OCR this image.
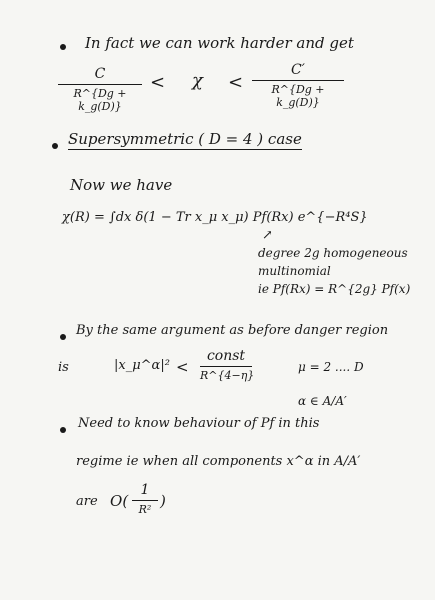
In fact we can work harder and get
C
R^{Dg + k_g(D)}
< χ <
C′
R^{Dg + k_g(D)}
Supersymmetric ( D = 4 ) case
Now we have
χ(R) = ∫dx δ(1 − Tr x_μ x_μ) Pf(Rx) e^{−R⁴S}
↗
degree 2g homogeneous
multinomial
ie Pf(Rx) = R^{2g} Pf(x)
By the same argument as before danger region
is	|x_μ^α|² <
const
R^{4−η}
μ = 2 .... D
α ∈ A/A′
Need to know behaviour of Pf in this
regime ie when all components x^α in A/A′
are O(
1
R² )
